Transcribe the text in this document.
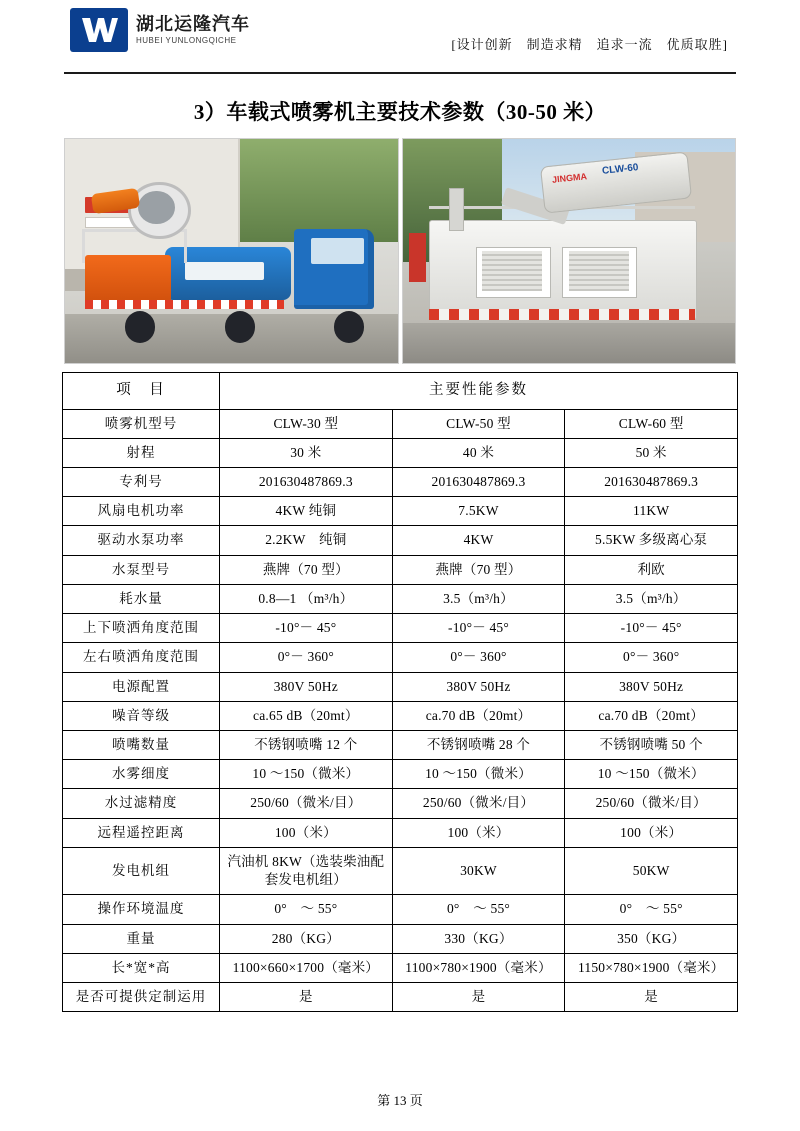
湖北运隆汽车
HUBEI YUNLONGQICHE	[设计创新　制造求精　追求一流　优质取胜]
3）车载式喷雾机主要技术参数（30-50 米）
JINGMA
CLW-60
项　目	主要性能参数		
喷雾机型号	CLW-30 型	CLW-50 型	CLW-60 型
射程	30 米	40 米	50 米
专利号	201630487869.3	201630487869.3	201630487869.3
风扇电机功率	4KW 纯铜	7.5KW	11KW
驱动水泵功率	2.2KW　纯铜	4KW	5.5KW 多级离心泵
水泵型号	燕牌（70 型）	燕牌（70 型）	利欧
耗水量	0.8—1 （m³/h）	3.5（m³/h）	3.5（m³/h）
上下喷洒角度范围	-10°－ 45°	-10°－ 45°	-10°－ 45°
左右喷洒角度范围	0°－ 360°	0°－ 360°	0°－ 360°
电源配置	380V 50Hz	380V 50Hz	380V 50Hz
噪音等级	ca.65 dB（20mt）	ca.70 dB（20mt）	ca.70 dB（20mt）
喷嘴数量	不锈钢喷嘴 12 个	不锈钢喷嘴 28 个	不锈钢喷嘴 50 个
水雾细度	10 ～150（微米）	10 ～150（微米）	10 ～150（微米）
水过滤精度	250/60（微米/目）	250/60（微米/目）	250/60（微米/目）
远程遥控距离	100（米）	100（米）	100（米）
发电机组	汽油机 8KW（选装柴油配套发电机组）	30KW	50KW
操作环境温度	0°　～ 55°	0°　～ 55°	0°　～ 55°
重量	280（KG）	330（KG）	350（KG）
长*宽*高	1100×660×1700（毫米）	1100×780×1900（毫米）	1150×780×1900（毫米）
是否可提供定制运用	是	是	是
第 13 页
